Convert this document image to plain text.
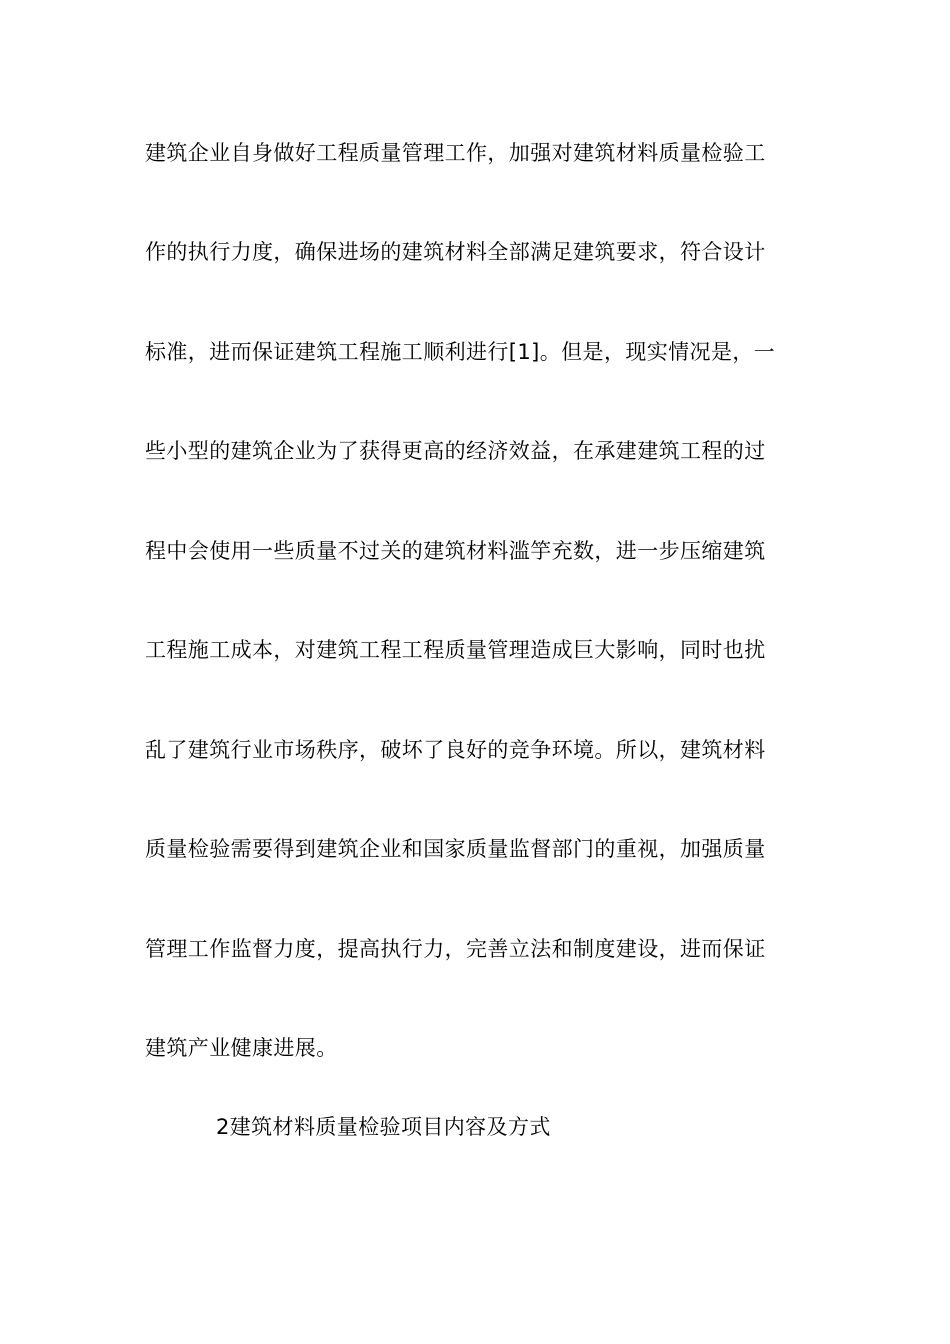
建筑企业自身做好工程质量管理工作，加强对建筑材料质量检验工
作的执行力度，确保进场的建筑材料全部满足建筑要求，符合设计
标准，进而保证建筑工程施工顺利进行[1]。但是，现实情况是，一
些小型的建筑企业为了获得更高的经济效益，在承建建筑工程的过
程中会使用一些质量不过关的建筑材料滥竽充数，进一步压缩建筑
工程施工成本，对建筑工程工程质量管理造成巨大影响，同时也扰
乱了建筑行业市场秩序，破坏了良好的竞争环境。所以，建筑材料
质量检验需要得到建筑企业和国家质量监督部门的重视，加强质量
管理工作监督力度，提高执行力，完善立法和制度建设，进而保证
建筑产业健康进展。
2建筑材料质量检验项目内容及方式
